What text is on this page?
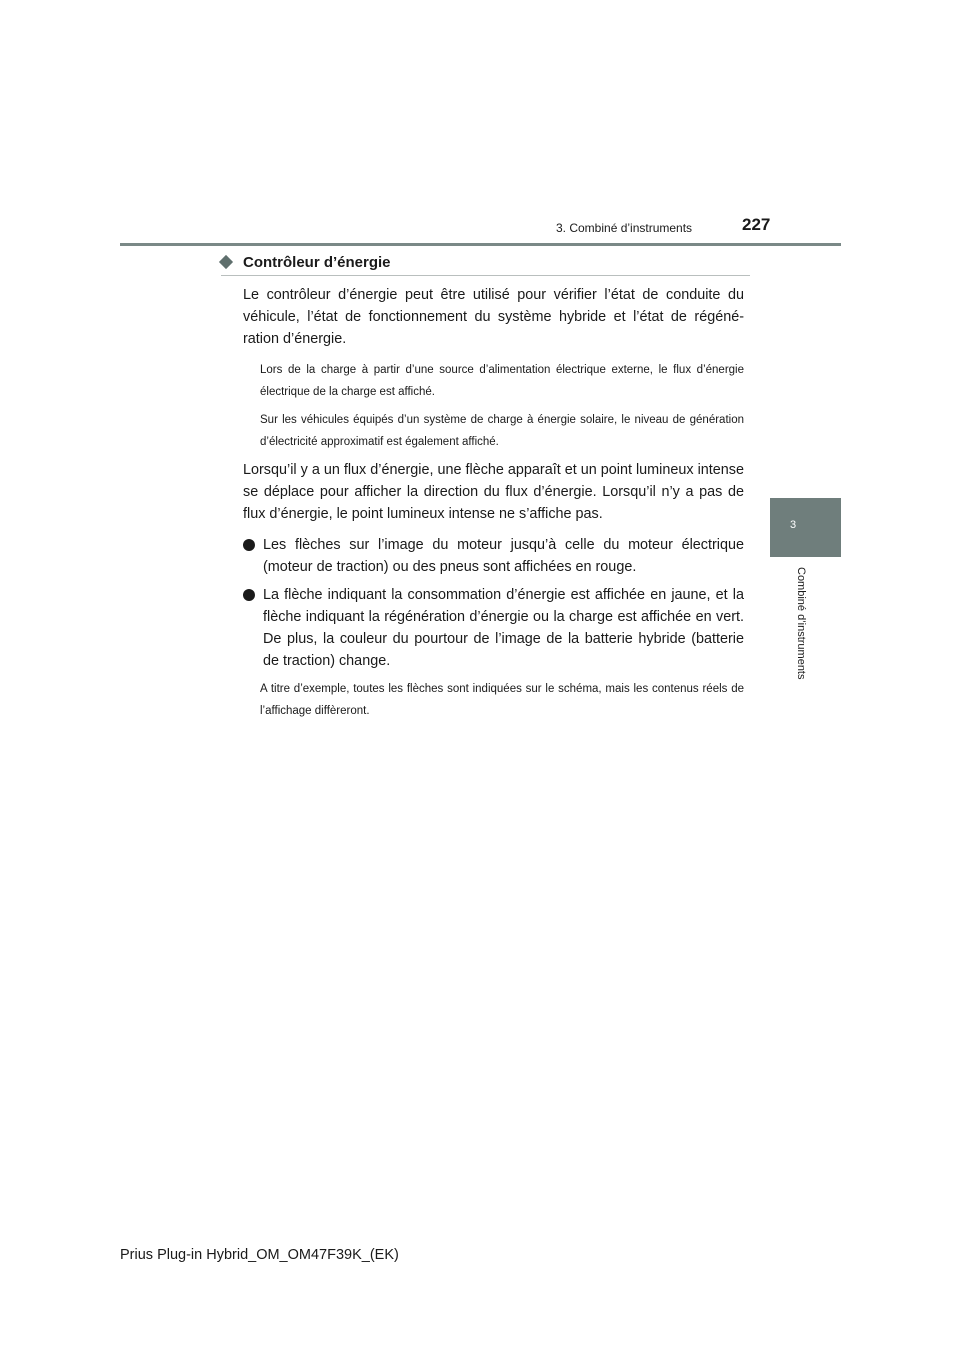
3. Combiné d’instruments	227
3
Combiné d’instruments
Contrôleur d’énergie

Le contrôleur d’énergie peut être utilisé pour vérifier l’état de conduite du véhicule, l’état de fonctionnement du système hybride et l’état de régéné-ration d’énergie.

Lors de la charge à partir d’une source d’alimentation électrique externe, le flux d’énergie électrique de la charge est affiché.

Sur les véhicules équipés d’un système de charge à énergie solaire, le niveau de génération d’électricité approximatif est également affiché.

Lorsqu’il y a un flux d’énergie, une flèche apparaît et un point lumineux intense se déplace pour afficher la direction du flux d’énergie. Lorsqu’il n’y a pas de flux d’énergie, le point lumineux intense ne s’affiche pas.

Les flèches sur l’image du moteur jusqu’à celle du moteur électrique (moteur de traction) ou des pneus sont affichées en rouge.
La flèche indiquant la consommation d’énergie est affichée en jaune, et la flèche indiquant la régénération d’énergie ou la charge est affichée en vert. De plus, la couleur du pourtour de l’image de la batterie hybride (batterie de traction) change.

A titre d’exemple, toutes les flèches sont indiquées sur le schéma, mais les contenus réels de l’affichage diffèreront.

Prius Plug-in Hybrid_OM_OM47F39K_(EK)
